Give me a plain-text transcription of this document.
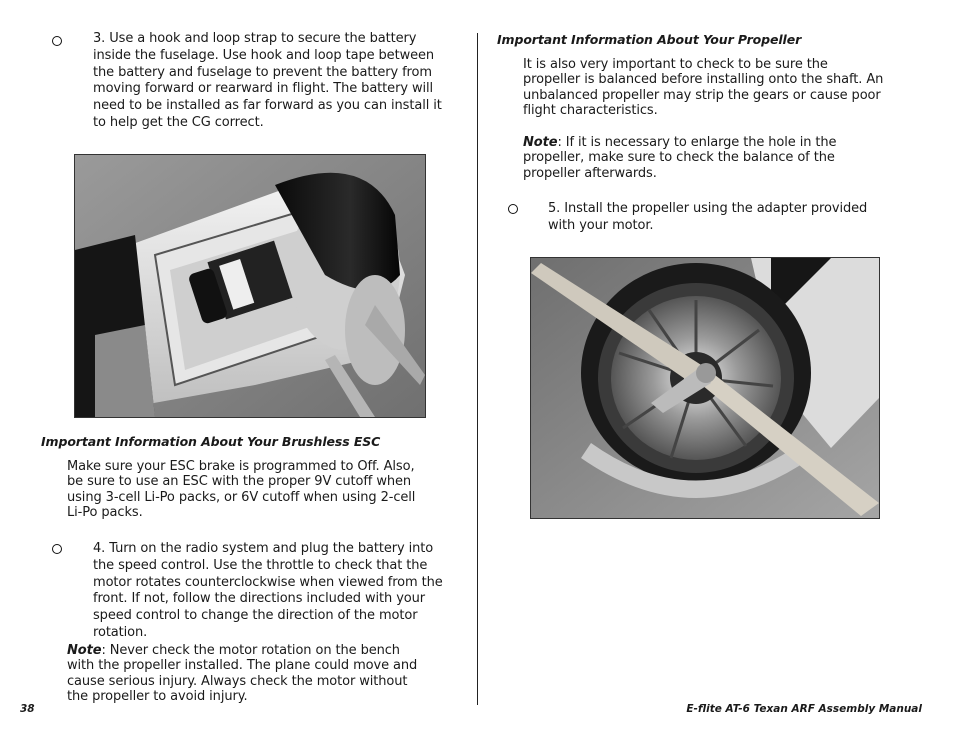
3. Use a hook and loop strap to secure the battery inside the fuselage. Use hook and loop tape between the battery and fuselage to prevent the battery from moving forward or rearward in flight. The battery will need to be installed as far forward as you can install it to help get the CG correct.
Important Information About Your Brushless ESC
Make sure your ESC brake is programmed to Off. Also, be sure to use an ESC with the proper 9V cutoff when using 3-cell Li-Po packs, or 6V cutoff when using 2-cell Li-Po packs.
4. Turn on the radio system and plug the battery into the speed control. Use the throttle to check that the motor rotates counterclockwise when viewed from the front. If not, follow the directions included with your speed control to change the direction of the motor rotation.
Note: Never check the motor rotation on the bench with the propeller installed. The plane could move and cause serious injury. Always check the motor without the propeller to avoid injury.
Important Information About Your Propeller
It is also very important to check to be sure the propeller is balanced before installing onto the shaft. An unbalanced propeller may strip the gears or cause poor flight characteristics.
Note: If it is necessary to enlarge the hole in the propeller, make sure to check the balance of the propeller afterwards.
5. Install the propeller using the adapter provided with your motor.
38	E-flite AT-6 Texan ARF Assembly Manual
